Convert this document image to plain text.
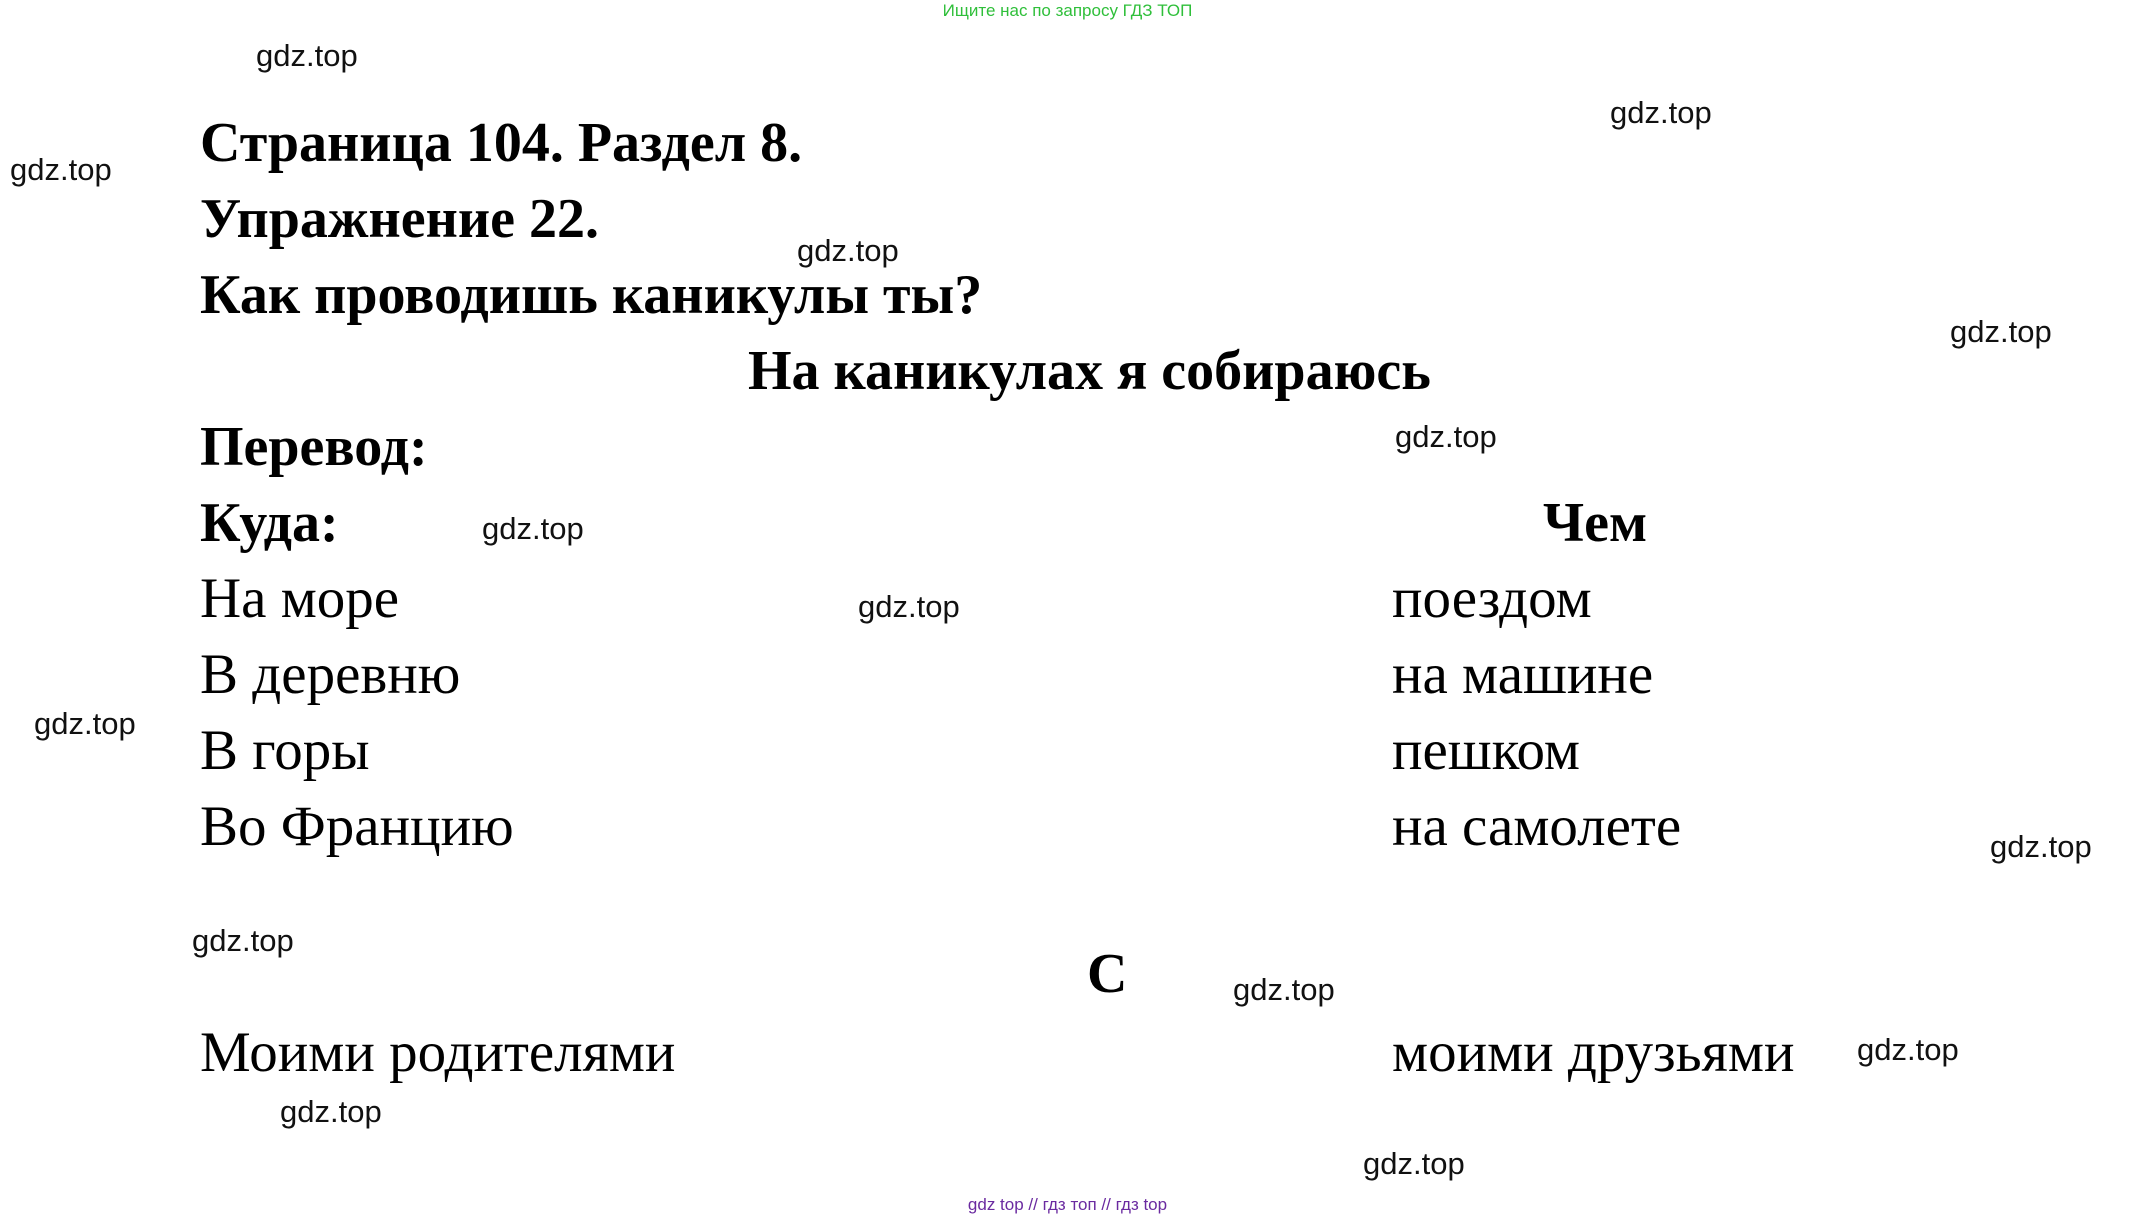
Ищите нас по запросу ГДЗ ТОП
gdz top // гдз топ // гдз top
Страница 104. Раздел 8.
Упражнение 22.
Как проводишь каникулы ты?
На каникулах я собираюсь
Перевод:
Куда:	Чем
На море
В деревню
В горы
Во Францию
поездом
на машине
пешком
на самолете
С
Моими родителями	моими друзьями
gdz.top
gdz.top
gdz.top
gdz.top
gdz.top
gdz.top
gdz.top
gdz.top
gdz.top
gdz.top
gdz.top
gdz.top
gdz.top
gdz.top
gdz.top
